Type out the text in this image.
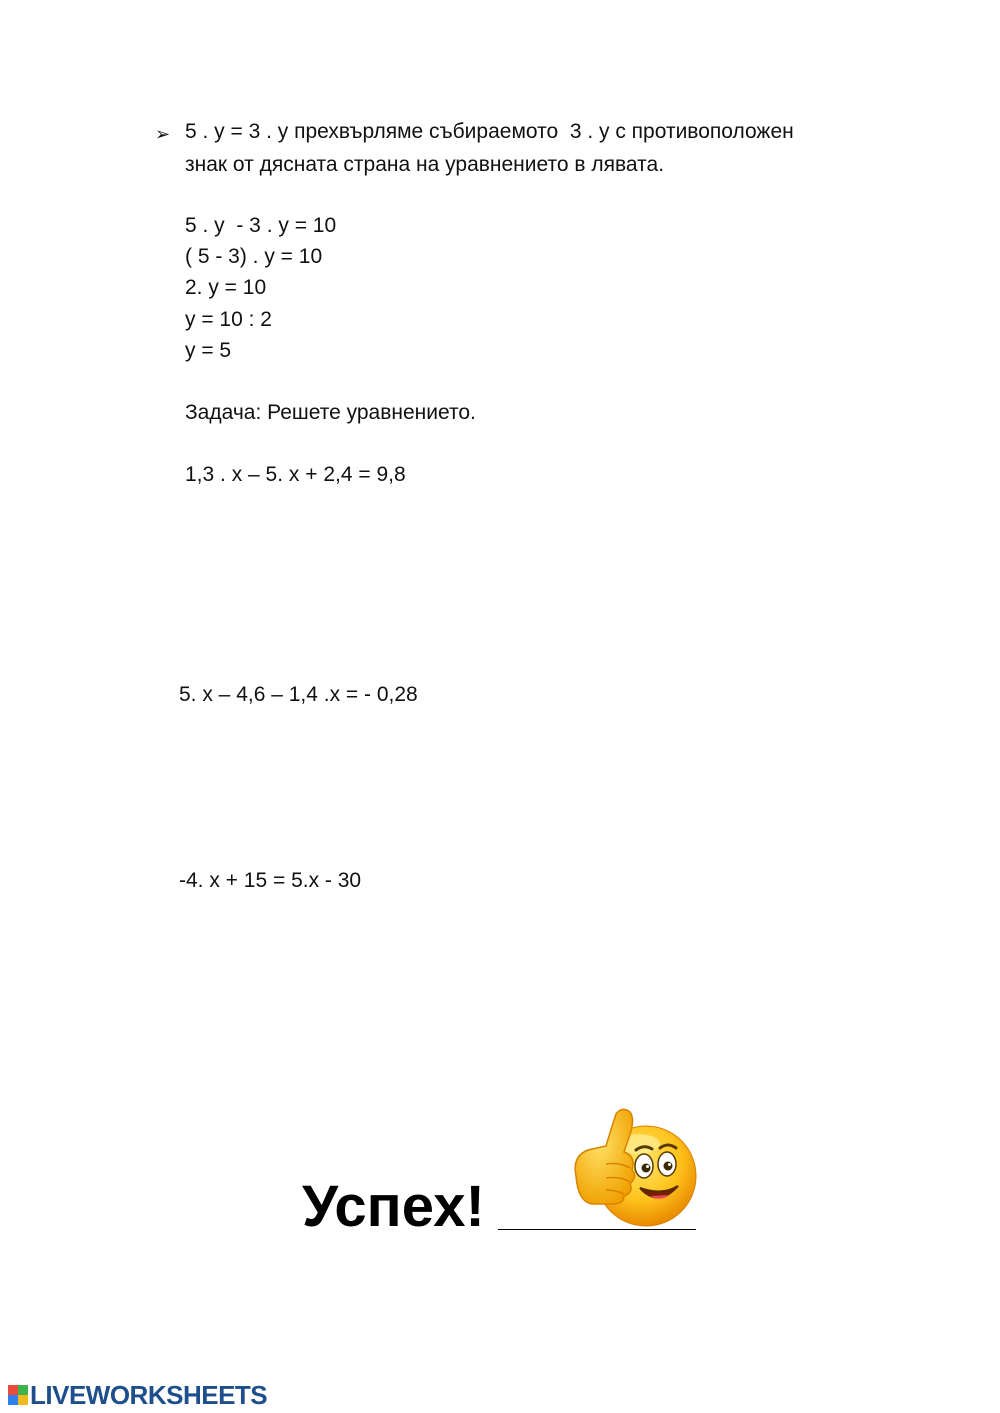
➢ 5 . y = 3 . y прехвърляме събираемото  3 . y с противоположен
знак от дясната страна на уравнението в лявата.
5 . y  - 3 . y = 10
( 5 - 3) . y = 10
2. y = 10
y = 10 : 2
y = 5
Задача: Решете уравнението.
1,3 . x – 5. x + 2,4 = 9,8
5. x – 4,6 – 1,4 .x = - 0,28
-4. x + 15 = 5.x - 30
Успех!
LIVEWORKSHEETS
